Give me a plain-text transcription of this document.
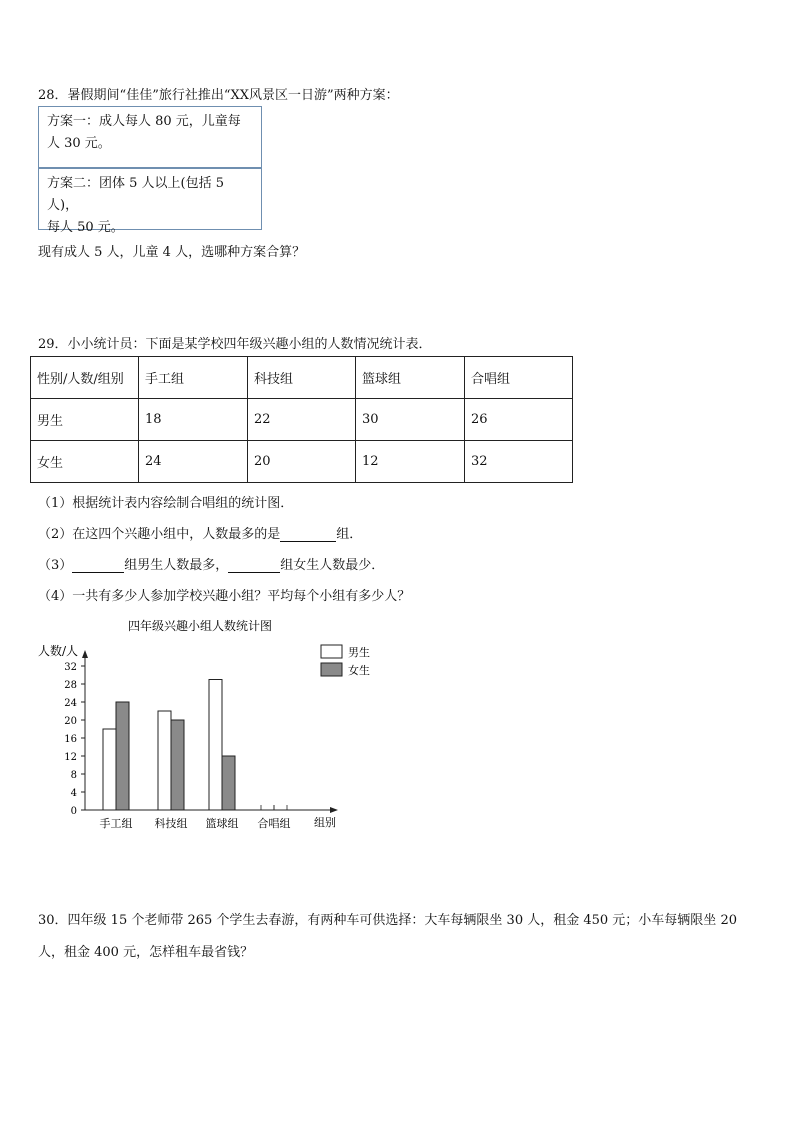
28．暑假期间“佳佳”旅行社推出“XX风景区一日游”两种方案：
方案一：成人每人 80 元，儿童每
人 30 元。
方案二：团体 5 人以上(包括 5 人)，
每人 50 元。
现有成人 5 人，儿童 4 人，选哪种方案合算？
29．小小统计员：下面是某学校四年级兴趣小组的人数情况统计表．
性别/人数/组别	手工组	科技组	篮球组	合唱组
男生	18	22	30	26
女生	24	20	12	32
（1）根据统计表内容绘制合唱组的统计图．
（2）在这四个兴趣小组中，人数最多的是	组．
（3）	组男生人数最多，	组女生人数最少．
（4）一共有多少人参加学校兴趣小组？平均每个小组有多少人？
四年级兴趣小组人数统计图
人数/人
组别
0
4
8
12
16
20
24
28
32
手工组 科技组 篮球组 合唱组
男生
女生
30．四年级 15 个老师带 265 个学生去春游，有两种车可供选择：大车每辆限坐 30 人，租金 450 元；小车每辆限坐 20
人，租金 400 元，怎样租车最省钱？
